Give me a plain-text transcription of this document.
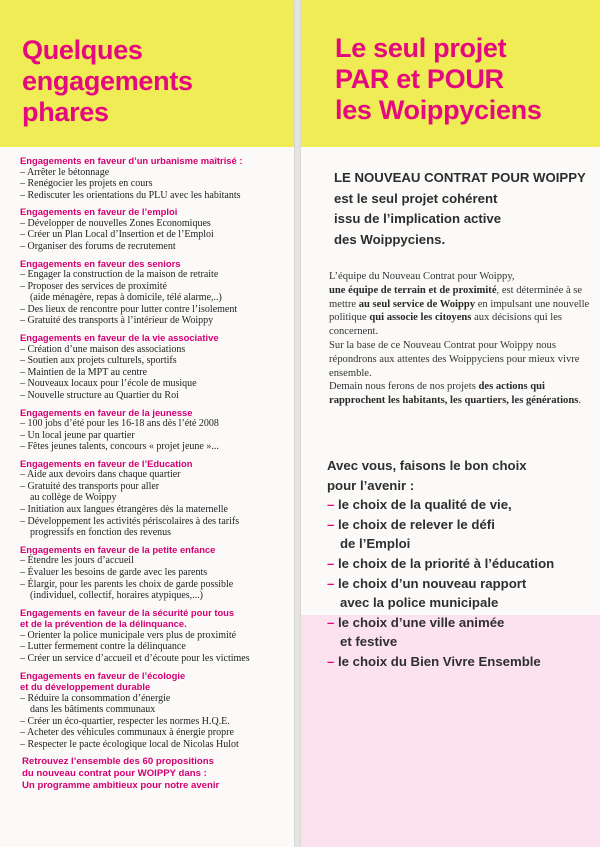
Quelques
engagements
phares
Engagements en faveur d’un urbanisme maîtrisé :
– Arrêter le bétonnage
– Renégocier les projets en cours
– Rediscuter les orientations du PLU avec les habitants
Engagements en faveur de l’emploi
– Développer de nouvelles Zones Economiques
– Créer un Plan Local d’Insertion et de l’Emploi
– Organiser des forums de recrutement
Engagements en faveur des seniors
– Engager la construction de la maison de retraite
– Proposer des services de proximité
(aide ménagère, repas à domicile, télé alarme,..)
– Des lieux de rencontre pour lutter contre l’isolement
– Gratuité des transports à l’intérieur de Woippy
Engagements en faveur de la vie associative
– Création d’une maison des associations
– Soutien aux projets culturels, sportifs
– Maintien de la MPT au centre
– Nouveaux locaux pour l’école de musique
– Nouvelle structure au Quartier du Roi
Engagements en faveur de la jeunesse
– 100 jobs d’été pour les 16-18 ans dès l’été 2008
– Un local jeune par quartier
– Fêtes jeunes talents, concours « projet jeune »...
Engagements en faveur de l’Education
– Aide aux devoirs dans chaque quartier
– Gratuité des transports pour aller
au collège de Woippy
– Initiation aux langues étrangères dès la maternelle
– Développement les activités périscolaires à des tarifs
progressifs en fonction des revenus
Engagements en faveur de la petite enfance
– Étendre les jours d’accueil
– Évaluer les besoins de garde avec les parents
– Élargir, pour les parents les choix de garde possible
(individuel, collectif, horaires atypiques,...)
Engagements en faveur de la sécurité pour tous
et de la prévention de la délinquance.
– Orienter la police municipale vers plus de proximité
– Lutter fermement contre la délinquance
– Créer un service d’accueil et d’écoute pour les victimes
Engagements en faveur de l’écologie
et du développement durable
– Réduire la consommation d’énergie
dans les bâtiments communaux
– Créer un éco-quartier, respecter les normes H.Q.E.
– Acheter des véhicules communaux à énergie propre
– Respecter le pacte écologique local de Nicolas Hulot
Retrouvez l’ensemble des 60 propositions
du nouveau contrat pour WOIPPY dans :
Un programme ambitieux pour notre avenir
Le seul projet
PAR et POUR
les Woippyciens
LE NOUVEAU CONTRAT POUR WOIPPY
est le seul projet cohérent
issu de l’implication active
des Woippyciens.
L’équipe du Nouveau Contrat pour Woippy,
une équipe de terrain et de proximité, est déterminée à se mettre au seul service de Woippy en impulsant une nouvelle politique qui associe les citoyens aux décisions qui les concernent.
Sur la base de ce Nouveau Contrat pour Woippy nous répondrons aux attentes des Woippyciens pour mieux vivre ensemble.
Demain nous ferons de nos projets des actions qui rapprochent les habitants, les quartiers, les générations.
Avec vous, faisons le bon choix
pour l’avenir :
– le choix de la qualité de vie,
– le choix de relever le défi
de l’Emploi
– le choix de la priorité à l’éducation
– le choix d’un nouveau rapport
avec la police municipale
– le choix d’une ville animée
et festive
– le choix du Bien Vivre Ensemble
